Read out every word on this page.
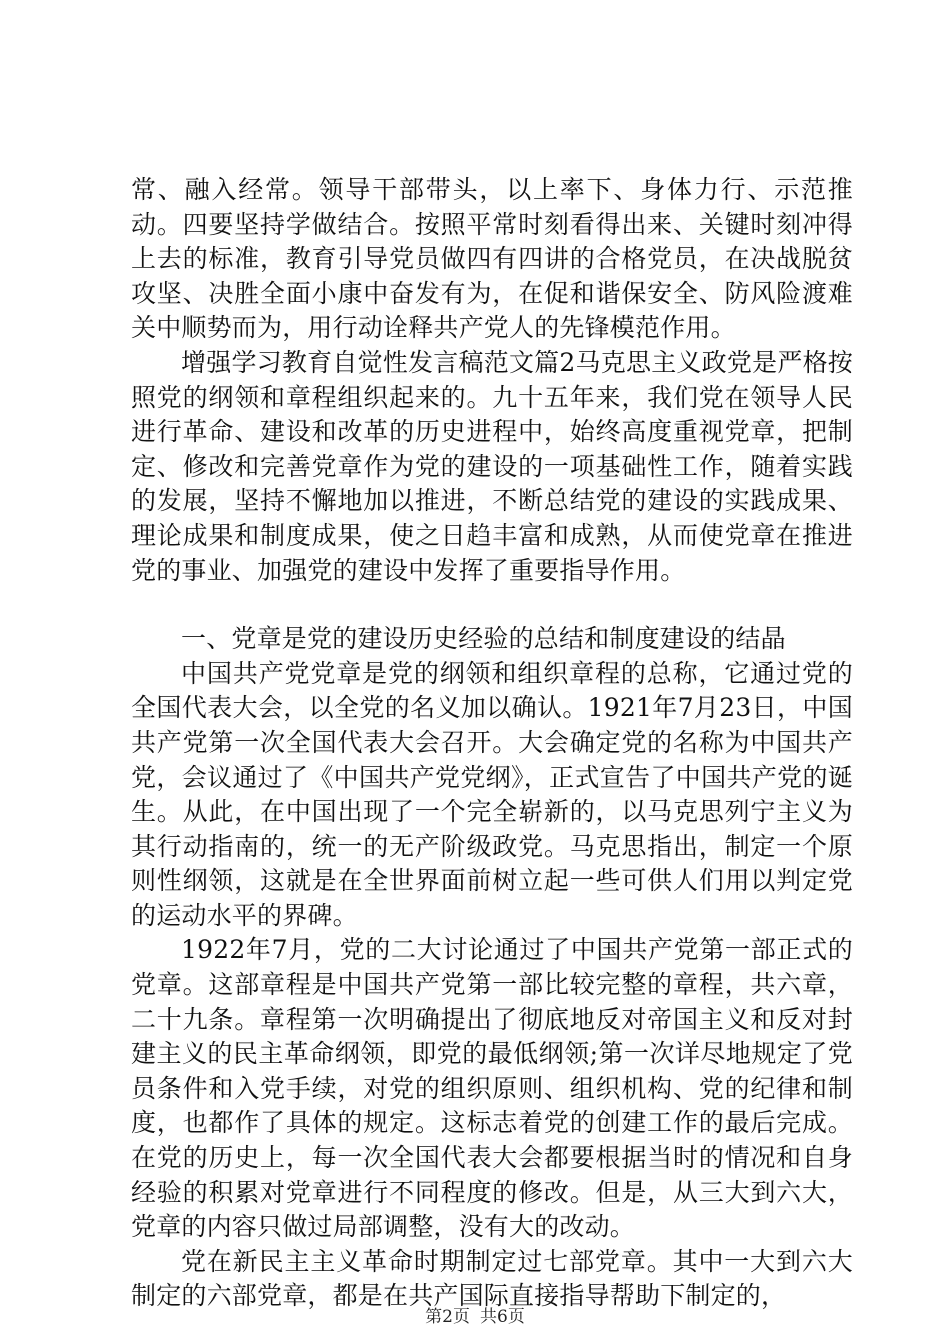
常、融入经常。领导干部带头，以上率下、身体力行、示范推动。四要坚持学做结合。按照平常时刻看得出来、关键时刻冲得上去的标准，教育引导党员做四有四讲的合格党员，在决战脱贫攻坚、决胜全面小康中奋发有为，在促和谐保安全、防风险渡难关中顺势而为，用行动诠释共产党人的先锋模范作用。

增强学习教育自觉性发言稿范文篇2马克思主义政党是严格按照党的纲领和章程组织起来的。九十五年来，我们党在领导人民进行革命、建设和改革的历史进程中，始终高度重视党章，把制定、修改和完善党章作为党的建设的一项基础性工作，随着实践的发展，坚持不懈地加以推进，不断总结党的建设的实践成果、理论成果和制度成果，使之日趋丰富和成熟，从而使党章在推进党的事业、加强党的建设中发挥了重要指导作用。

一、党章是党的建设历史经验的总结和制度建设的结晶

中国共产党党章是党的纲领和组织章程的总称，它通过党的全国代表大会，以全党的名义加以确认。1921年7月23日，中国共产党第一次全国代表大会召开。大会确定党的名称为中国共产党，会议通过了《中国共产党党纲》，正式宣告了中国共产党的诞生。从此，在中国出现了一个完全崭新的，以马克思列宁主义为其行动指南的，统一的无产阶级政党。马克思指出，制定一个原则性纲领，这就是在全世界面前树立起一些可供人们用以判定党的运动水平的界碑。

1922年7月，党的二大讨论通过了中国共产党第一部正式的党章。这部章程是中国共产党第一部比较完整的章程，共六章，二十九条。章程第一次明确提出了彻底地反对帝国主义和反对封建主义的民主革命纲领，即党的最低纲领;第一次详尽地规定了党员条件和入党手续，对党的组织原则、组织机构、党的纪律和制度，也都作了具体的规定。这标志着党的创建工作的最后完成。在党的历史上，每一次全国代表大会都要根据当时的情况和自身经验的积累对党章进行不同程度的修改。但是，从三大到六大，党章的内容只做过局部调整，没有大的改动。

党在新民主主义革命时期制定过七部党章。其中一大到六大制定的六部党章，都是在共产国际直接指导帮助下制定的，

第2页 共6页
